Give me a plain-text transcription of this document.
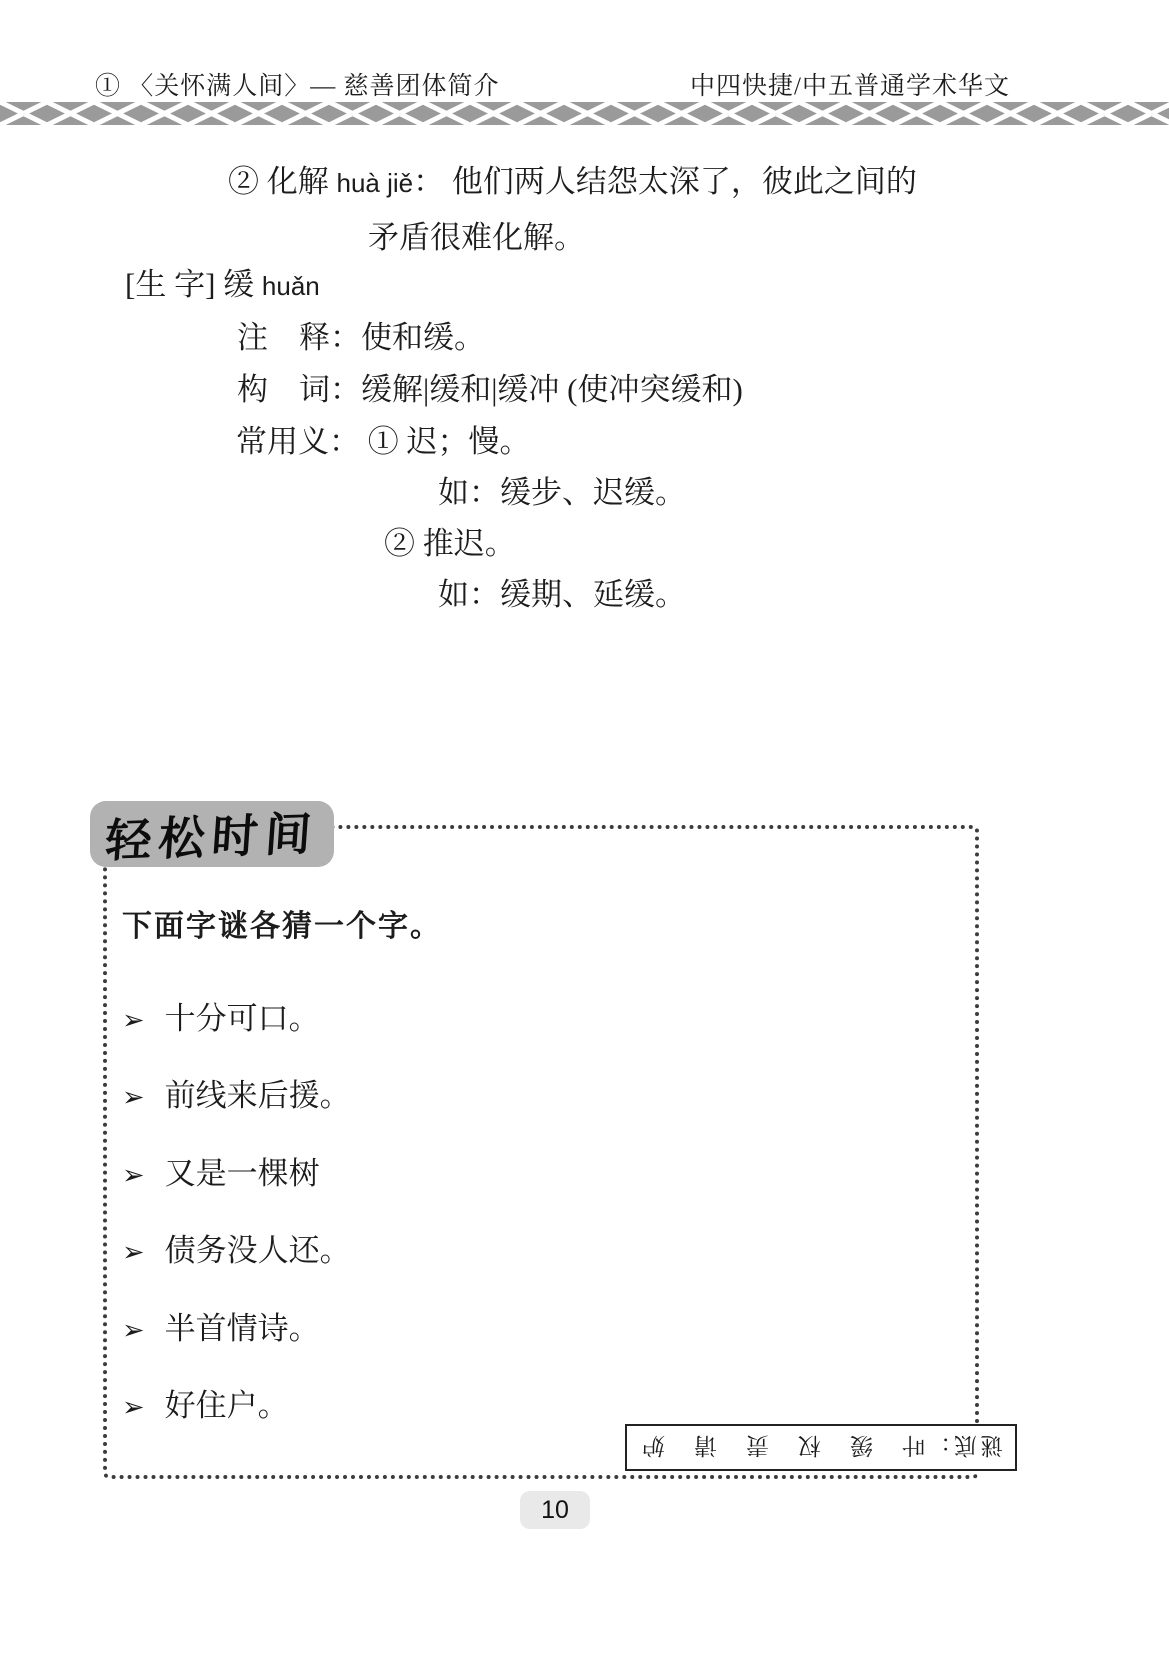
① 〈关怀满人间〉— 慈善团体简介	中四快捷/中五普通学术华文
② 化解 huà jiě： 他们两人结怨太深了，彼此之间的
矛盾很难化解。
[生 字] 缓 huǎn
注　释：使和缓。
构　词：缓解|缓和|缓冲 (使冲突缓和)
常用义： ① 迟；慢。
如：缓步、迟缓。
② 推迟。
如：缓期、延缓。
轻松时间
下面字谜各猜一个字。
➢ 十分可口。
➢ 前线来后援。
➢ 又是一棵树
➢ 债务没人还。
➢ 半首情诗。
➢ 好住户。
谜底：叶　缓　权　责　请　妒
10
